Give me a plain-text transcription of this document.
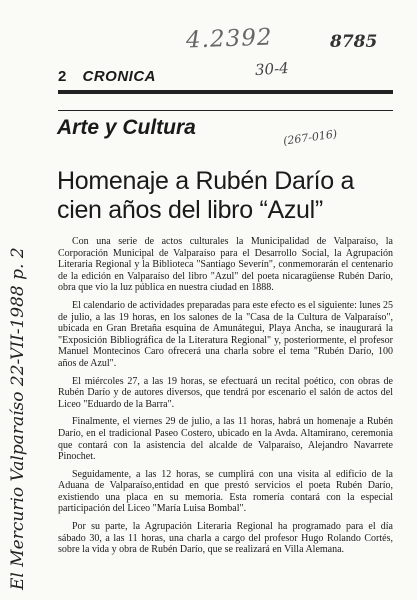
4.2392	8785
30-4
(267-016)
El Mercurio Valparaíso 22-VII-1988 p. 2
2 CRONICA
Arte y Cultura
Homenaje a Rubén Darío a cien años del libro “Azul”

Con una serie de actos culturales la Municipalidad de Valparaíso, la Corporación Municipal de Valparaíso para el Desarrollo Social, la Agrupación Literaria Regional y la Biblioteca "Santiago Severín", conmemorarán el centenario de la edición en Valparaíso del libro "Azul" del poeta nicaragüense Rubén Darío, obra que vio la luz pública en nuestra ciudad en 1888.

El calendario de actividades preparadas para este efecto es el siguiente: lunes 25 de julio, a las 19 horas, en los salones de la "Casa de la Cultura de Valparaíso", ubicada en Gran Bretaña esquina de Amunátegui, Playa Ancha, se inaugurará la "Exposición Bibliográfica de la Literatura Regional" y, posteriormente, el profesor Manuel Montecinos Caro ofrecerá una charla sobre el tema "Rubén Darío, 100 años de Azul".

El miércoles 27, a las 19 horas, se efectuará un recital poético, con obras de Rubén Darío y de autores diversos, que tendrá por escenario el salón de actos del Liceo "Eduardo de la Barra".

Finalmente, el viernes 29 de julio, a las 11 horas, habrá un homenaje a Rubén Darío, en el tradicional Paseo Costero, ubicado en la Avda. Altamirano, ceremonia que contará con la asistencia del alcalde de Valparaíso, Alejandro Navarrete Pinochet.

Seguidamente, a las 12 horas, se cumplirá con una visita al edificio de la Aduana de Valparaíso,entidad en que prestó servicios el poeta Rubén Darío, existiendo una placa en su memoria. Esta romería contará con la especial participación del Liceo "María Luisa Bombal".

Por su parte, la Agrupación Literaria Regional ha programado para el día sábado 30, a las 11 horas, una charla a cargo del profesor Hugo Rolando Cortés, sobre la vida y obra de Rubén Darío, que se realizará en Villa Alemana.
